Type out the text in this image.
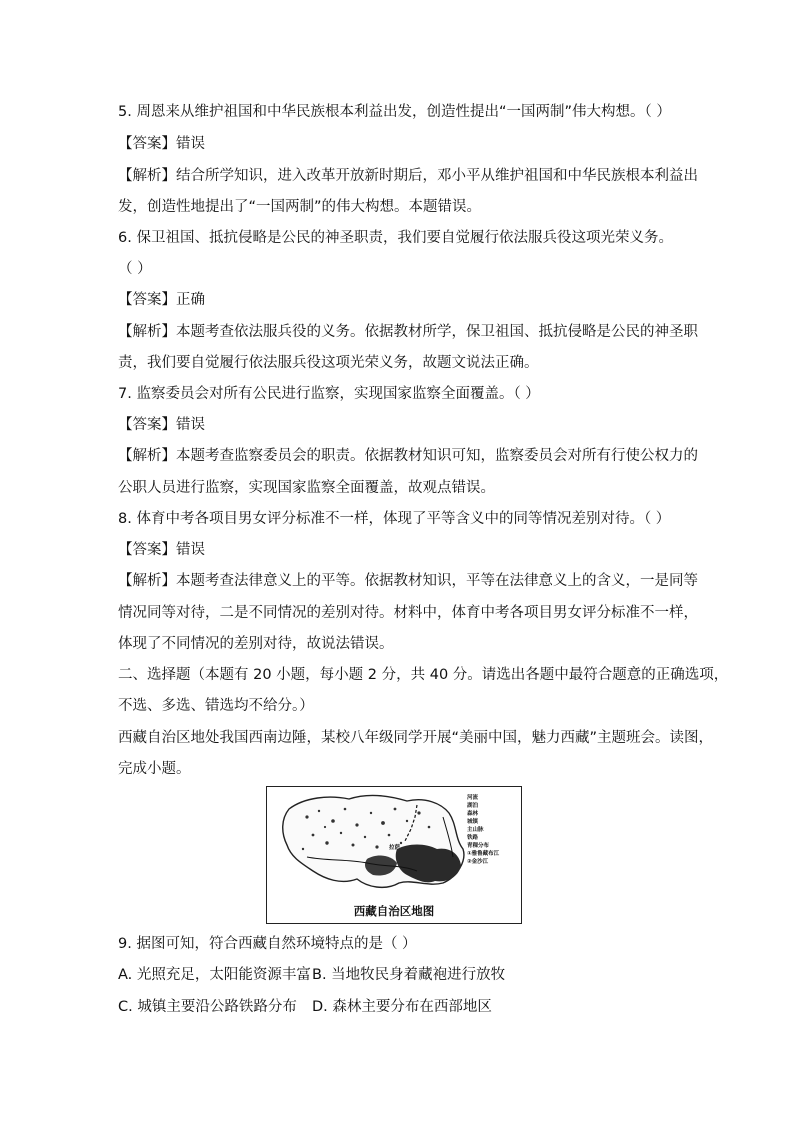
5. 周恩来从维护祖国和中华民族根本利益出发，创造性提出“一国两制”伟大构想。（ ）
【答案】错误
【解析】结合所学知识，进入改革开放新时期后，邓小平从维护祖国和中华民族根本利益出
发，创造性地提出了“一国两制”的伟大构想。本题错误。
6. 保卫祖国、抵抗侵略是公民的神圣职责，我们要自觉履行依法服兵役这项光荣义务。
（ ）
【答案】正确
【解析】本题考查依法服兵役的义务。依据教材所学，保卫祖国、抵抗侵略是公民的神圣职
责，我们要自觉履行依法服兵役这项光荣义务，故题文说法正确。
7. 监察委员会对所有公民进行监察，实现国家监察全面覆盖。（ ）
【答案】错误
【解析】本题考查监察委员会的职责。依据教材知识可知，监察委员会对所有行使公权力的
公职人员进行监察，实现国家监察全面覆盖，故观点错误。
8. 体育中考各项目男女评分标准不一样，体现了平等含义中的同等情况差别对待。（ ）
【答案】错误
【解析】本题考查法律意义上的平等。依据教材知识，平等在法律意义上的含义，一是同等
情况同等对待，二是不同情况的差别对待。材料中，体育中考各项目男女评分标准不一样，
体现了不同情况的差别对待，故说法错误。
二、选择题（本题有 20 小题，每小题 2 分，共 40 分。请选出各题中最符合题意的正确选项，
不选、多选、错选均不给分。）
西藏自治区地处我国西南边陲，某校八年级同学开展“美丽中国，魅力西藏”主题班会。读图，
完成小题。
拉萨
河流
湖泊
森林
城镇
主山脉
铁路
青稞分布
①雅鲁藏布江
②金沙江
西藏自治区地图
9. 据图可知，符合西藏自然环境特点的是（ ）
A. 光照充足，太阳能资源丰富 B. 当地牧民身着藏袍进行放牧
C. 城镇主要沿公路铁路分布 D. 森林主要分布在西部地区
